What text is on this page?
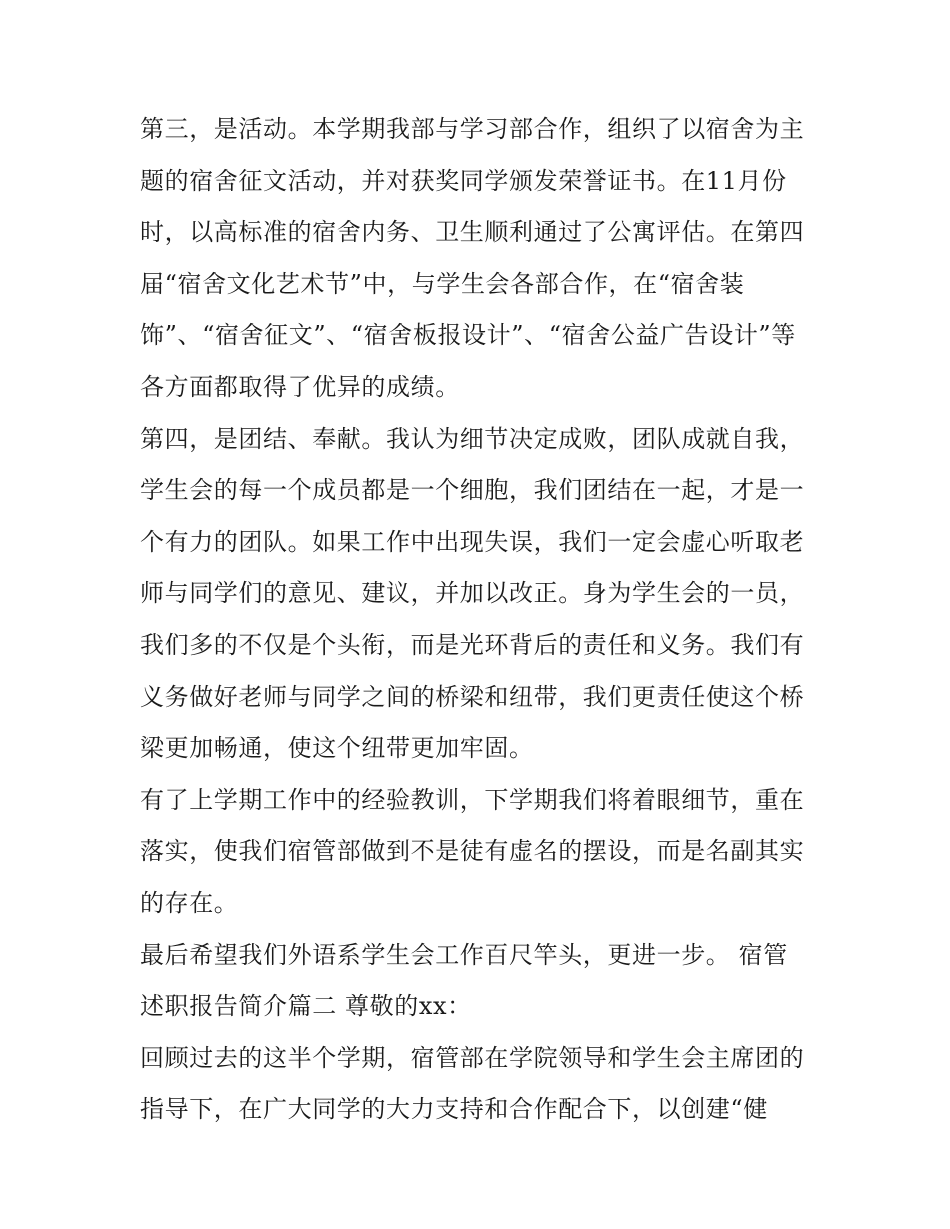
第三，是活动。本学期我部与学习部合作，组织了以宿舍为主
题的宿舍征文活动，并对获奖同学颁发荣誉证书。在11月份
时，以高标准的宿舍内务、卫生顺利通过了公寓评估。在第四
届“宿舍文化艺术节”中，与学生会各部合作，在“宿舍装
饰”、“宿舍征文”、“宿舍板报设计”、“宿舍公益广告设计”等
各方面都取得了优异的成绩。
第四，是团结、奉献。我认为细节决定成败，团队成就自我，
学生会的每一个成员都是一个细胞，我们团结在一起，才是一
个有力的团队。如果工作中出现失误，我们一定会虚心听取老
师与同学们的意见、建议，并加以改正。身为学生会的一员，
我们多的不仅是个头衔，而是光环背后的责任和义务。我们有
义务做好老师与同学之间的桥梁和纽带，我们更责任使这个桥
梁更加畅通，使这个纽带更加牢固。
有了上学期工作中的经验教训，下学期我们将着眼细节，重在
落实，使我们宿管部做到不是徒有虚名的摆设，而是名副其实
的存在。
最后希望我们外语系学生会工作百尺竿头，更进一步。 宿管
述职报告简介篇二 尊敬的xx：
回顾过去的这半个学期，宿管部在学院领导和学生会主席团的
指导下，在广大同学的大力支持和合作配合下，以创建“健
